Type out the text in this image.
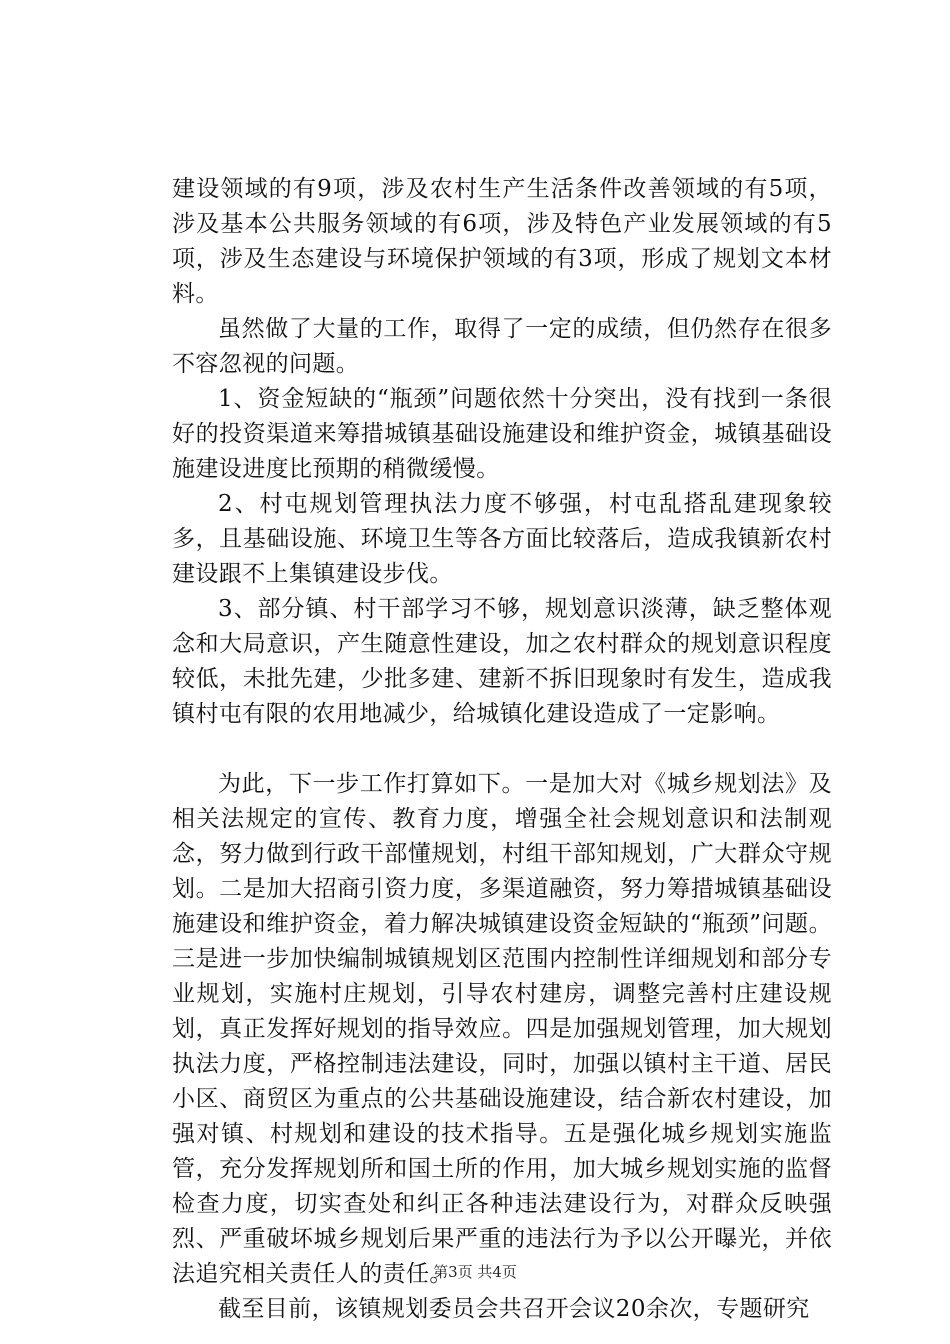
建设领域的有9项，涉及农村生产生活条件改善领域的有5项，涉及基本公共服务领域的有6项，涉及特色产业发展领域的有5项，涉及生态建设与环境保护领域的有3项，形成了规划文本材料。

虽然做了大量的工作，取得了一定的成绩，但仍然存在很多不容忽视的问题。

1、资金短缺的“瓶颈”问题依然十分突出，没有找到一条很好的投资渠道来筹措城镇基础设施建设和维护资金，城镇基础设施建设进度比预期的稍微缓慢。

2、村屯规划管理执法力度不够强，村屯乱搭乱建现象较多，且基础设施、环境卫生等各方面比较落后，造成我镇新农村建设跟不上集镇建设步伐。

3、部分镇、村干部学习不够，规划意识淡薄，缺乏整体观念和大局意识，产生随意性建设，加之农村群众的规划意识程度较低，未批先建，少批多建、建新不拆旧现象时有发生，造成我镇村屯有限的农用地减少，给城镇化建设造成了一定影响。

为此，下一步工作打算如下。一是加大对《城乡规划法》及相关法规定的宣传、教育力度，增强全社会规划意识和法制观念，努力做到行政干部懂规划，村组干部知规划，广大群众守规划。二是加大招商引资力度，多渠道融资，努力筹措城镇基础设施建设和维护资金，着力解决城镇建设资金短缺的“瓶颈”问题。三是进一步加快编制城镇规划区范围内控制性详细规划和部分专业规划，实施村庄规划，引导农村建房，调整完善村庄建设规划，真正发挥好规划的指导效应。四是加强规划管理，加大规划执法力度，严格控制违法建设，同时，加强以镇村主干道、居民小区、商贸区为重点的公共基础设施建设，结合新农村建设，加强对镇、村规划和建设的技术指导。五是强化城乡规划实施监管，充分发挥规划所和国土所的作用，加大城乡规划实施的监督检查力度，切实查处和纠正各种违法建设行为，对群众反映强烈、严重破坏城乡规划后果严重的违法行为予以公开曝光，并依法追究相关责任人的责任。

截至目前，该镇规划委员会共召开会议20余次，专题研究

第3页 共4页
